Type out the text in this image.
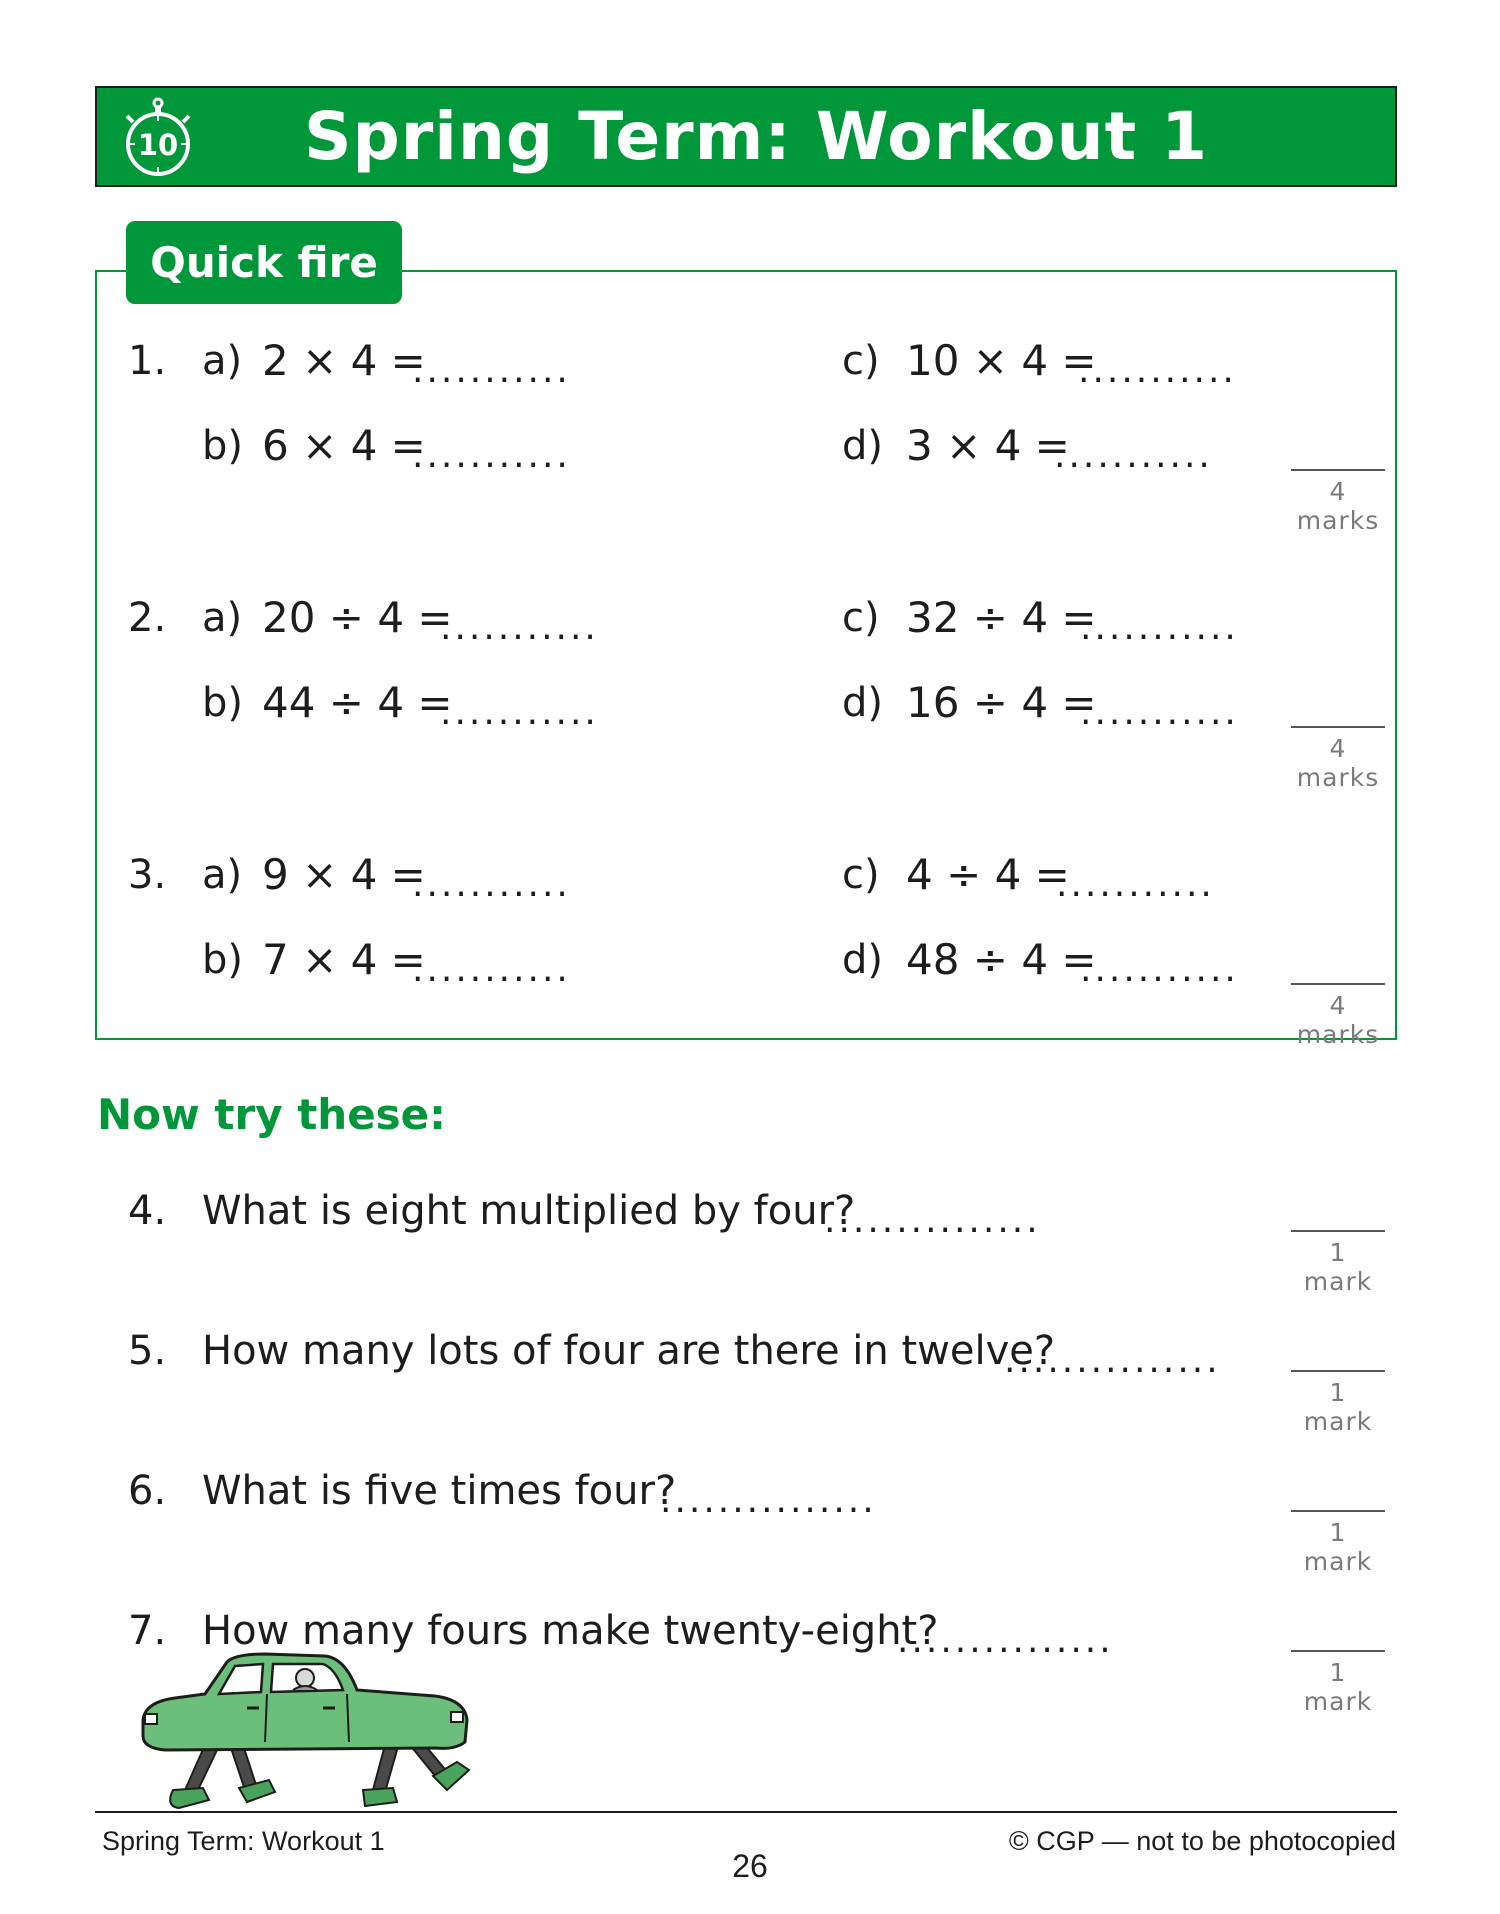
10	Spring Term: Workout 1
Quick fire
1. a) 2 × 4 =
...........
b) 6 × 4 =
...........
c) 10 × 4 =
...........
d) 3 × 4 =
...........
4 marks
2. a) 20 ÷ 4 =
...........
b) 44 ÷ 4 =
...........
c) 32 ÷ 4 =
...........
d) 16 ÷ 4 =
...........
4 marks
3. a) 9 × 4 =
...........
b) 7 × 4 =
...........
c) 4 ÷ 4 =
...........
d) 48 ÷ 4 =
...........
4 marks
Now try these:
4. What is eight multiplied by four?
...............
1 mark
5. How many lots of four are there in twelve?
...............
1 mark
6. What is five times four?
...............
1 mark
7. How many fours make twenty-eight?
...............
1 mark
Spring Term: Workout 1	© CGP — not to be photocopied
26
